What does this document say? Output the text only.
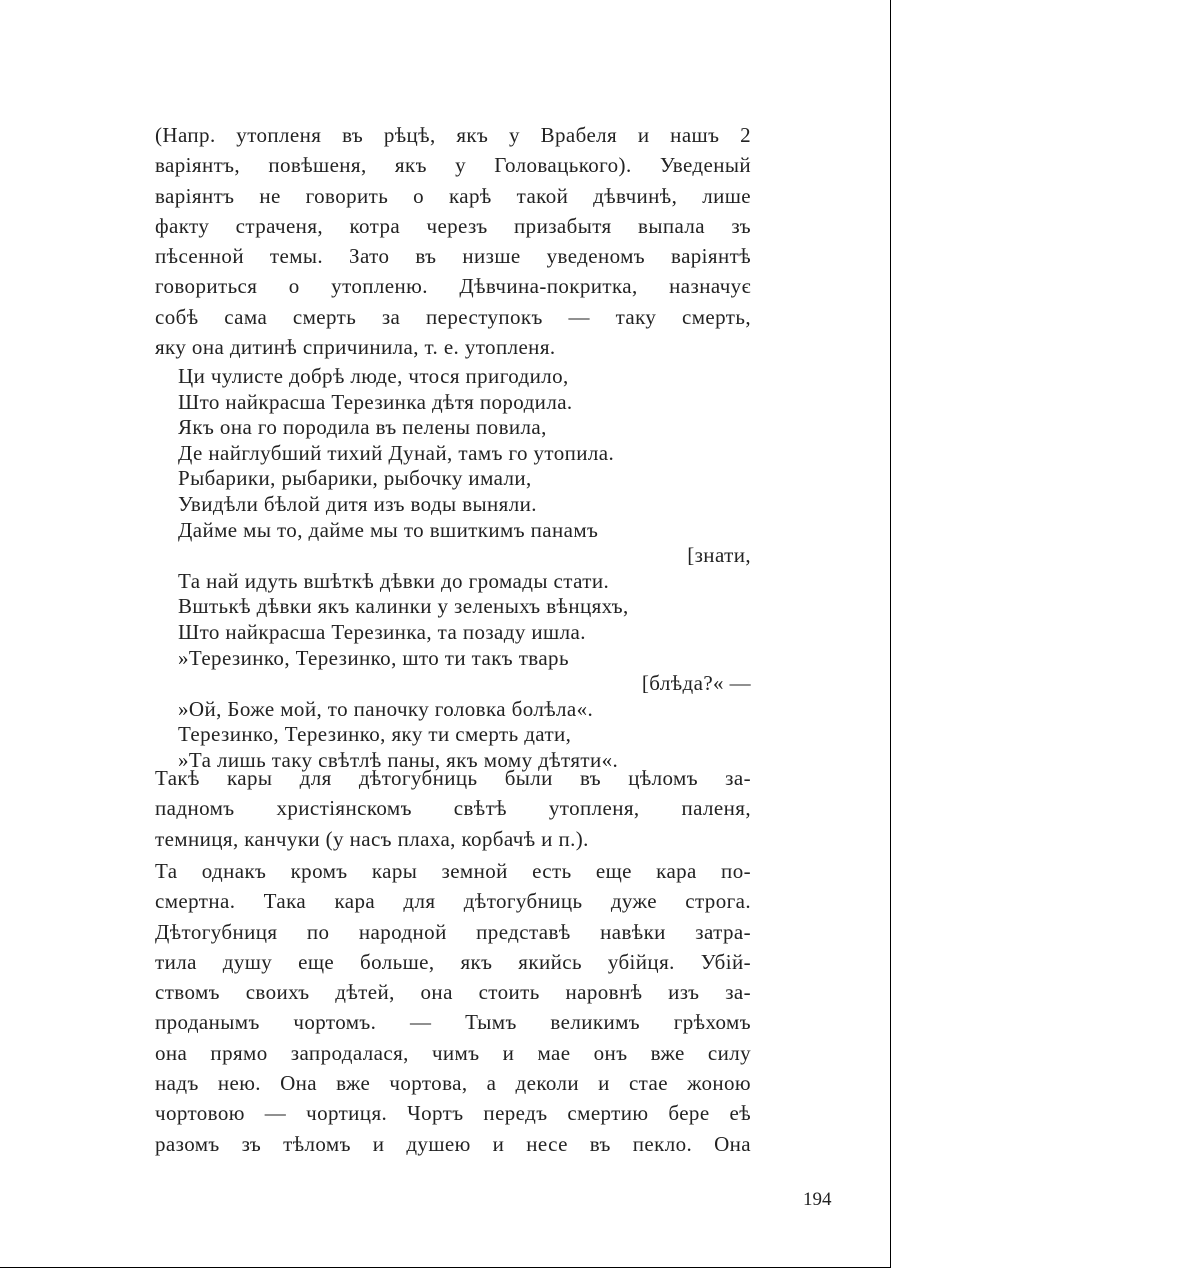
(Напр. утопленя въ рѣцѣ, якъ у Врабеля и нашъ 2
варіянтъ, повѣшеня, якъ у Головацького). Уведеный
варіянтъ не говорить о карѣ такой дѣвчинѣ, лише
факту страченя, котра черезъ призабытя выпала зъ
пѣсенной темы. Зато въ низше уведеномъ варіянтѣ
говориться о утопленю. Дѣвчина-покритка, назначує
собѣ сама смерть за переступокъ — таку смерть,
яку она дитинѣ спричинила, т. е. утопленя.
Ци чулисте добрѣ люде, чтося пригодило,
Што найкрасша Терезинка дѣтя породила.
Якъ она го породила въ пелены повила,
Де найглубший тихий Дунай, тамъ го утопила.
Рыбарики, рыбарики, рыбочку имали,
Увидѣли бѣлой дитя изъ воды выняли.
Дайме мы то, дайме мы то вшиткимъ панамъ
[знати,
Та най идуть вшѣткѣ дѣвки до громады стати.
Вштькѣ дѣвки якъ калинки у зеленыхъ вѣнцяхъ,
Што найкрасша Терезинка, та позаду ишла.
»Терезинко, Терезинко, што ти такъ тварь
[блѣда?« —
»Ой, Боже мой, то паночку головка болѣла«.
Терезинко, Терезинко, яку ти смерть дати,
»Та лишь таку свѣтлѣ паны, якъ мому дѣтяти«.
Такѣ кары для дѣтогубниць были въ цѣломъ за-
падномъ христіянскомъ свѣтѣ утопленя, паленя,
темниця, канчуки (у насъ плаха, корбачѣ и п.).
Та однакъ кромъ кары земной есть еще кара по-
смертна. Така кара для дѣтогубниць дуже строга.
Дѣтогубниця по народной представѣ навѣки затра-
тила душу еще больше, якъ якийсь убійця. Убій-
ствомъ своихъ дѣтей, она стоить наровнѣ изъ за-
проданымъ чортомъ. — Тымъ великимъ грѣхомъ
она прямо запродалася, чимъ и мае онъ вже силу
надъ нею. Она вже чортова, а деколи и стае жоною
чортовою — чортиця. Чортъ передъ смертию бере еѣ
разомъ зъ тѣломъ и душею и несе въ пекло. Она
194
